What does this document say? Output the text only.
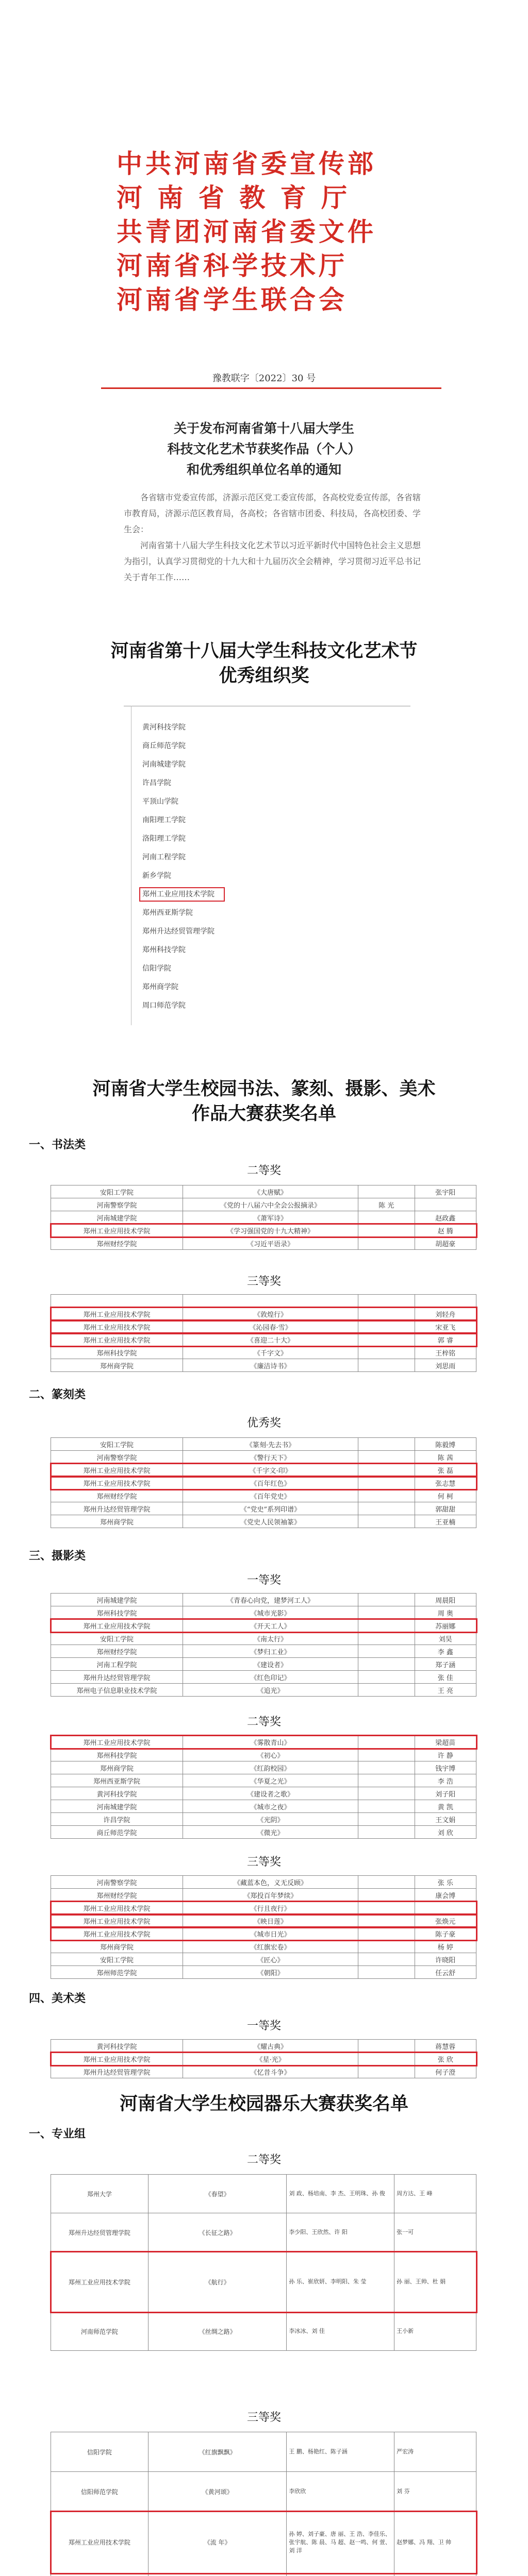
中共河南省委宣传部
河 南 省 教 育 厅
共青团河南省委文件
河南省科学技术厅
河南省学生联合会
豫教联字〔2022〕30 号
关于发布河南省第十八届大学生
科技文化艺术节获奖作品（个人）
和优秀组织单位名单的通知

各省辖市党委宣传部，济源示范区党工委宣传部，各高校党委宣传部，各省辖市教育局，济源示范区教育局，各高校；各省辖市团委、科技局，各高校团委、学生会：

河南省第十八届大学生科技文化艺术节以习近平新时代中国特色社会主义思想为指引，认真学习贯彻党的十九大和十九届历次全会精神，学习贯彻习近平总书记关于青年工作……

河南省第十八届大学生科技文化艺术节
优秀组织奖
黄河科技学院
商丘师范学院
河南城建学院
许昌学院
平顶山学院
南阳理工学院
洛阳理工学院
河南工程学院
新乡学院
郑州工业应用技术学院
郑州西亚斯学院
郑州升达经贸管理学院
郑州科技学院
信阳学院
郑州商学院
周口师范学院
河南省大学生校园书法、篆刻、摄影、美术
作品大赛获奖名单
一、书法类
二等奖
安阳工学院	《大唐赋》		张宇阳
河南警察学院	《党的十八届六中全会公报摘录》	陈 光	
河南城建学院	《萧军诗》		赵政鑫
郑州工业应用技术学院	《学习强国党的十九大精神》		赵 腾
郑州财经学院	《习近平语录》		胡超豪
三等奖

郑州工业应用技术学院	《敦煌行》		刘轻舟
郑州工业应用技术学院	《沁园春·雪》		宋亚飞
郑州工业应用技术学院	《喜迎二十大》		郭 睿
郑州科技学院	《千字文》		王梓铭
郑州商学院	《廉洁诗书》		刘思雨
二、篆刻类
优秀奖
安阳工学院	《篆刻·先去书》		陈毅博
河南警察学院	《警行天下》		陈 茜
郑州工业应用技术学院	《千字文·印》		张 磊
郑州工业应用技术学院	《百年红色》		张志慧
郑州财经学院	《百年党史》		何 柯
郑州升达经贸管理学院	《“党史”系列印谱》		郭甜甜
郑州商学院	《党史人民领袖篆》		王亚楠
三、摄影类
一等奖
河南城建学院	《青春心向党，建梦河工人》		周晨阳
郑州科技学院	《城市光影》		周 奥
郑州工业应用技术学院	《开天工人》		苏丽娜
安阳工学院	《南太行》		刘昊
郑州财经学院	《梦归工业》		李 鑫
河南工程学院	《建设者》		郑子涵
郑州升达经贸管理学院	《红色印记》		张 佳
郑州电子信息职业技术学院	《追光》		王 亮
二等奖
郑州工业应用技术学院	《雾散青山》		梁超苗
郑州科技学院	《初心》		许 静
郑州商学院	《红韵校园》		钱宇博
郑州西亚斯学院	《华夏之光》		李 浩
黄河科技学院	《建设者之歌》		刘子阳
河南城建学院	《城市之夜》		黄 凯
许昌学院	《光阴》		王文娟
商丘师范学院	《微光》		刘 欣
三等奖
河南警察学院	《藏蓝本色，义无反顾》		张 乐
郑州财经学院	《郑投百年梦续》		康会博
郑州工业应用技术学院	《行且夜行》		
郑州工业应用技术学院	《映日莲》		张焕元
郑州工业应用技术学院	《城市日光》		陈子豪
郑州商学院	《红旗宏卷》		杨 婷
安阳工学院	《匠心》		许晓阳
郑州师范学院	《朝阳》		任云舒
四、美术类
一等奖
黄河科技学院	《耀古典》		蒋慧蓉
郑州工业应用技术学院	《星·光》		张 欣
郑州升达经贸管理学院	《忆昔斗争》		何子澄
河南省大学生校园器乐大赛获奖名单
一、专业组
二等奖
郑州大学	《春望》	刘 政、杨培南、李 杰、王明珠、孙 俊	周方达、王 峰
郑州升达经贸管理学院	《长征之路》	李少阳、王欣然、许 阳	张一可
郑州工业应用技术学院	《航行》	孙 乐、崔欣妍、李明阳、朱 莹	孙 丽、王帅、杜 娟
河南师范学院	《丝绸之路》	李冰冰、刘 佳	王小新
三等奖
信阳学院	《红旗飘飘》	王 鹏、杨艳红、陈子涵	严宏涛
信阳师范学院	《黄河颂》	李欣欣	刘 芬
郑州工业应用技术学院	《流 年》	孙 婷、刘子豪、唐 丽、王 浩、李佳乐、张宇航、陈 晨、马 超、赵一鸣、何 萱、刘 洋	赵梦娜、冯 翔、卫 帅
